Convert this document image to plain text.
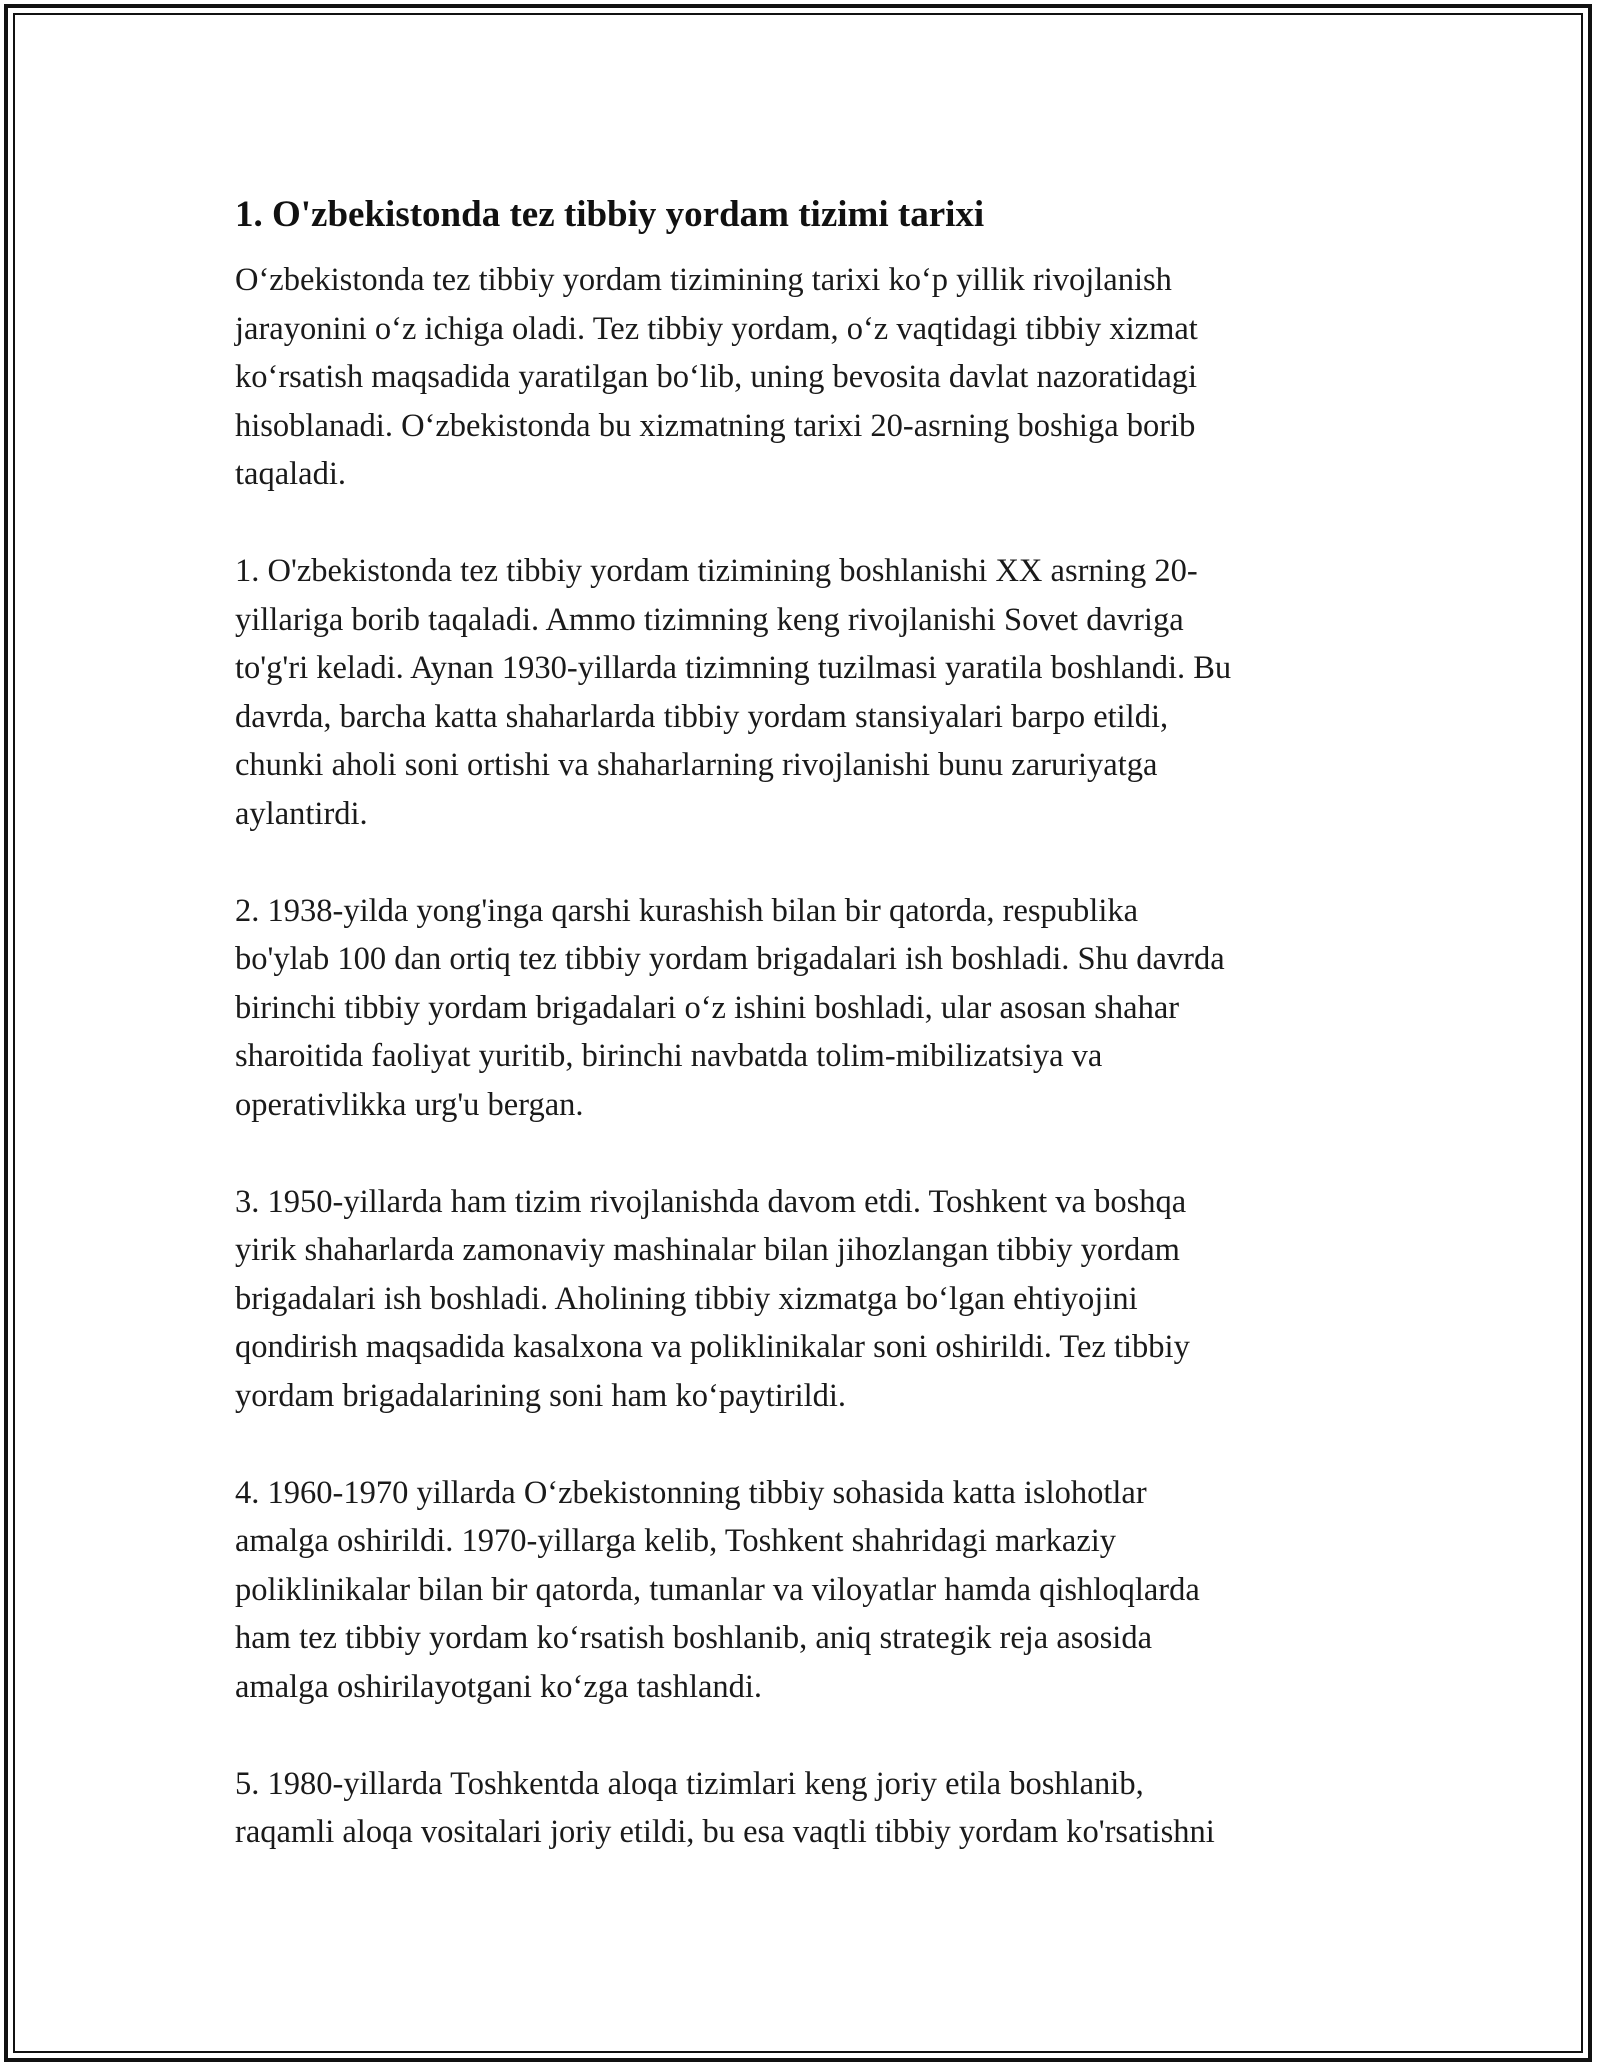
1. O'zbekistonda tez tibbiy yordam tizimi tarixi
O‘zbekistonda tez tibbiy yordam tizimining tarixi ko‘p yillik rivojlanish
jarayonini o‘z ichiga oladi. Tez tibbiy yordam, o‘z vaqtidagi tibbiy xizmat
ko‘rsatish maqsadida yaratilgan bo‘lib, uning bevosita davlat nazoratidagi
hisoblanadi. O‘zbekistonda bu xizmatning tarixi 20-asrning boshiga borib
taqaladi.
1. O'zbekistonda tez tibbiy yordam tizimining boshlanishi XX asrning 20-
yillariga borib taqaladi. Ammo tizimning keng rivojlanishi Sovet davriga
to'g'ri keladi. Aynan 1930-yillarda tizimning tuzilmasi yaratila boshlandi. Bu
davrda, barcha katta shaharlarda tibbiy yordam stansiyalari barpo etildi,
chunki aholi soni ortishi va shaharlarning rivojlanishi bunu zaruriyatga
aylantirdi.
2. 1938-yilda yong'inga qarshi kurashish bilan bir qatorda, respublika
bo'ylab 100 dan ortiq tez tibbiy yordam brigadalari ish boshladi. Shu davrda
birinchi tibbiy yordam brigadalari o‘z ishini boshladi, ular asosan shahar
sharoitida faoliyat yuritib, birinchi navbatda tolim-mibilizatsiya va
operativlikka urg'u bergan.
3. 1950-yillarda ham tizim rivojlanishda davom etdi. Toshkent va boshqa
yirik shaharlarda zamonaviy mashinalar bilan jihozlangan tibbiy yordam
brigadalari ish boshladi. Aholining tibbiy xizmatga bo‘lgan ehtiyojini
qondirish maqsadida kasalxona va poliklinikalar soni oshirildi. Tez tibbiy
yordam brigadalarining soni ham ko‘paytirildi.
4. 1960-1970 yillarda O‘zbekistonning tibbiy sohasida katta islohotlar
amalga oshirildi. 1970-yillarga kelib, Toshkent shahridagi markaziy
poliklinikalar bilan bir qatorda, tumanlar va viloyatlar hamda qishloqlarda
ham tez tibbiy yordam ko‘rsatish boshlanib, aniq strategik reja asosida
amalga oshirilayotgani ko‘zga tashlandi.
5. 1980-yillarda Toshkentda aloqa tizimlari keng joriy etila boshlanib,
raqamli aloqa vositalari joriy etildi, bu esa vaqtli tibbiy yordam ko'rsatishni
